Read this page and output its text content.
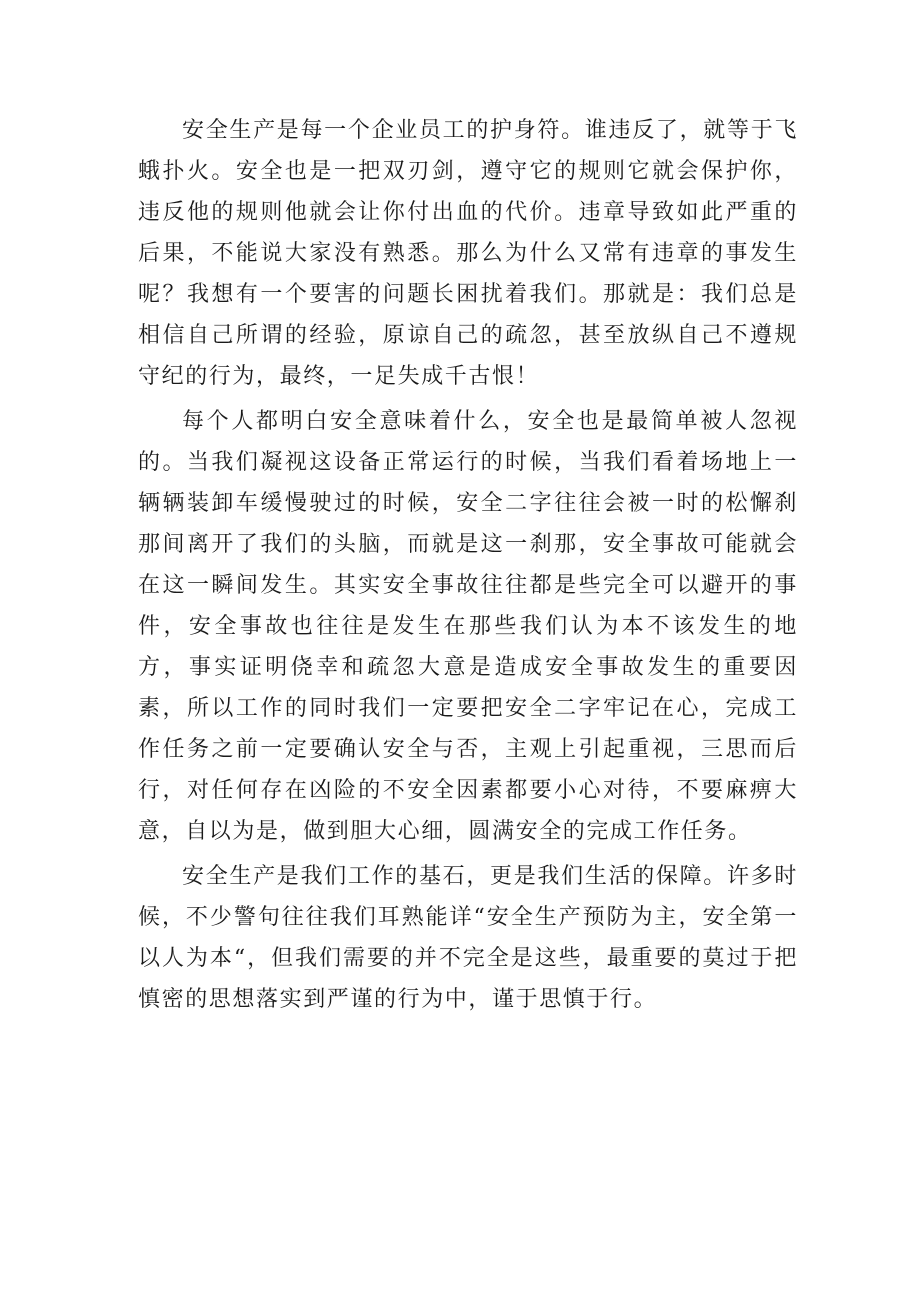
安全生产是每一个企业员工的护身符。谁违反了，就等于飞蛾扑火。安全也是一把双刃剑，遵守它的规则它就会保护你，违反他的规则他就会让你付出血的代价。违章导致如此严重的后果，不能说大家没有熟悉。那么为什么又常有违章的事发生呢？我想有一个要害的问题长困扰着我们。那就是：我们总是相信自己所谓的经验，原谅自己的疏忽，甚至放纵自己不遵规守纪的行为，最终，一足失成千古恨！

每个人都明白安全意味着什么，安全也是最简单被人忽视的。当我们凝视这设备正常运行的时候，当我们看着场地上一辆辆装卸车缓慢驶过的时候，安全二字往往会被一时的松懈刹那间离开了我们的头脑，而就是这一刹那，安全事故可能就会在这一瞬间发生。其实安全事故往往都是些完全可以避开的事件，安全事故也往往是发生在那些我们认为本不该发生的地方，事实证明侥幸和疏忽大意是造成安全事故发生的重要因素，所以工作的同时我们一定要把安全二字牢记在心，完成工作任务之前一定要确认安全与否，主观上引起重视，三思而后行，对任何存在凶险的不安全因素都要小心对待，不要麻痹大意，自以为是，做到胆大心细，圆满安全的完成工作任务。

安全生产是我们工作的基石，更是我们生活的保障。许多时候，不少警句往往我们耳熟能详“安全生产预防为主，安全第一以人为本“，但我们需要的并不完全是这些，最重要的莫过于把慎密的思想落实到严谨的行为中，谨于思慎于行。
